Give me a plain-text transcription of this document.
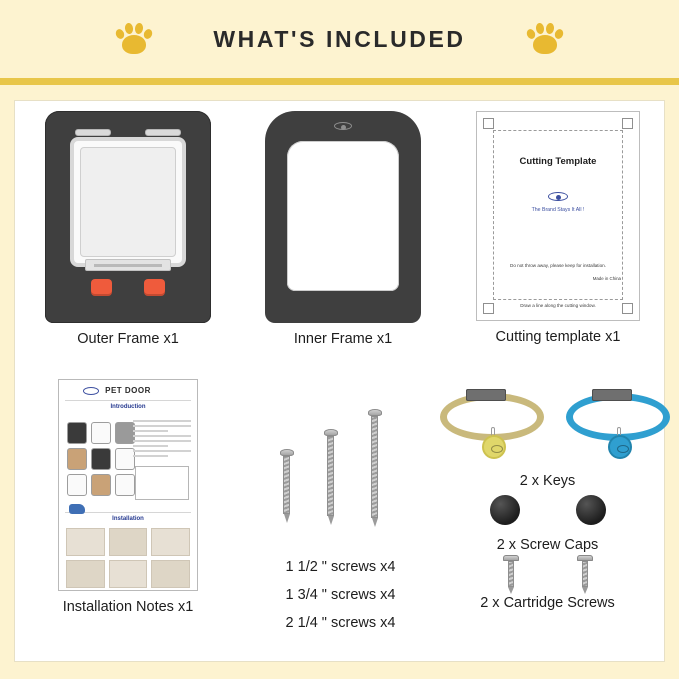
WHAT'S INCLUDED
Outer Frame x1	Inner Frame x1
Cutting Template
The Brand Stays It All !
Do not throw away, please keep for installation.
Made in China
Draw a line along the cutting window.
Cutting template x1
PET DOOR
Introduction
Installation
Installation Notes x1
1 1/2 " screws x4
1 3/4 " screws x4
2 1/4 " screws x4
2 x Keys
2 x Screw Caps
2 x Cartridge Screws
